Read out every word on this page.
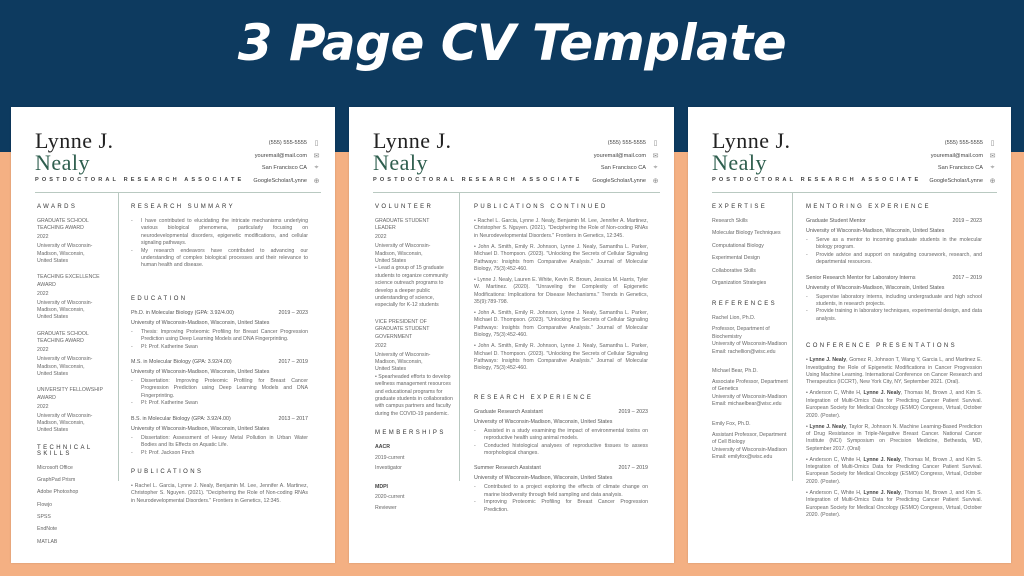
3 Page CV Template
Lynne J.
Nealy
POSTDOCTORAL RESEARCH ASSOCIATE
(555) 555-5555	▯
youremail@mail.com ✉
San Francisco CA	⌖
GoogleScholar/Lynne ⊕
AWARDS
GRADUATE SCHOOL
TEACHING AWARD
2022
University of Wisconsin-
Madison, Wisconsin,
United States
TEACHING EXCELLENCE
AWARD
2022
University of Wisconsin-
Madison, Wisconsin,
United States
GRADUATE SCHOOL
TEACHING AWARD
2022
University of Wisconsin-
Madison, Wisconsin,
United States
UNIVERSITY FELLOWSHIP
AWARD
2022
University of Wisconsin-
Madison, Wisconsin,
United States
TECHNICAL SKILLS
Microsoft Office
GraphPad Prism
Adobe Photoshop
Flowjo
SPSS
EndNote
MATLAB
RESEARCH SUMMARY
- I have contributed to elucidating the intricate mechanisms underlying various biological phenomena, particularly focusing on neurodevelopmental disorders, epigenetic modifications, and cellular signaling pathways.
- My research endeavors have contributed to advancing our understanding of complex biological processes and their relevance to human health and disease.
EDUCATION
Ph.D. in Molecular Biology (GPA: 3.92/4.00)	2019 – 2023
University of Wisconsin-Madison, Wisconsin, United States
- Thesis: Improving Proteomic Profiling for Breast Cancer Progression Prediction using Deep Learning Models and DNA Fingerprinting.
- PI: Prof. Katherine Swan
M.S. in Molecular Biology (GPA: 3.92/4.00)	2017 – 2019
University of Wisconsin-Madison, Wisconsin, United States
- Dissertation: Improving Proteomic Profiling for Breast Cancer Progression Prediction using Deep Learning Models and DNA Fingerprinting.
- PI: Prof. Katherine Swan
B.S. in Molecular Biology (GPA: 3.92/4.00)	2013 – 2017
University of Wisconsin-Madison, Wisconsin, United States
- Dissertation: Assessment of Heavy Metal Pollution in Urban Water Bodies and Its Effects on Aquatic Life.
- PI: Prof. Jackson Finch
PUBLICATIONS
• Rachel L. Garcia, Lynne J. Nealy, Benjamin M. Lee, Jennifer A. Martinez, Christopher S. Nguyen. (2021). "Deciphering the Role of Non-coding RNAs in Neurodevelopmental Disorders." Frontiers in Genetics, 12:345.
Lynne J.
Nealy
POSTDOCTORAL RESEARCH ASSOCIATE
(555) 555-5555	▯
youremail@mail.com ✉
San Francisco CA	⌖
GoogleScholar/Lynne ⊕
VOLUNTEER
GRADUATE STUDENT
LEADER
2022
University of Wisconsin-
Madison, Wisconsin,
United States
• Lead a group of 15 graduate students to organize community science outreach programs to develop a deeper public understanding of science, especially for K-12 students
VICE PRESIDENT OF
GRADUATE STUDENT
GOVERNMENT
2022
University of Wisconsin-
Madison, Wisconsin,
United States
• Spearheaded efforts to develop wellness management resources and educational programs for graduate students in collaboration with campus partners and faculty during the COVID-19 pandemic.
MEMBERSHIPS
AACR
2019-current
Investigator
MDPI
2020-current
Reviewer
PUBLICATIONS CONTINUED
• Rachel L. Garcia, Lynne J. Nealy, Benjamin M. Lee, Jennifer A. Martinez, Christopher S. Nguyen. (2021). "Deciphering the Role of Non-coding RNAs in Neurodevelopmental Disorders." Frontiers in Genetics, 12:345.
• John A. Smith, Emily R. Johnson, Lynne J. Nealy, Samantha L. Parker, Michael D. Thompson. (2023). "Unlocking the Secrets of Cellular Signaling Pathways: Insights from Comparative Analysis." Journal of Molecular Biology, 75(3):452-460.
• Lynne J. Nealy, Lauren E. White, Kevin R. Brown, Jessica M. Harris, Tyler W. Martinez. (2020). "Unraveling the Complexity of Epigenetic Modifications: Implications for Disease Mechanisms." Trends in Genetics, 35(9):789-798.
• John A. Smith, Emily R. Johnson, Lynne J. Nealy, Samantha L. Parker, Michael D. Thompson. (2023). "Unlocking the Secrets of Cellular Signaling Pathways: Insights from Comparative Analysis." Journal of Molecular Biology, 75(3):452-460.
• John A. Smith, Emily R. Johnson, Lynne J. Nealy, Samantha L. Parker, Michael D. Thompson. (2023). "Unlocking the Secrets of Cellular Signaling Pathways: Insights from Comparative Analysis." Journal of Molecular Biology, 75(3):452-460.
RESEARCH EXPERIENCE
Graduate Research Assistant	2019 – 2023
University of Wisconsin-Madison, Wisconsin, United States
- Assisted in a study examining the impact of environmental toxins on reproductive health using animal models.
- Conducted histological analyses of reproductive tissues to assess morphological changes.
Summer Research Assistant	2017 – 2019
University of Wisconsin-Madison, Wisconsin, United States
- Contributed to a project exploring the effects of climate change on marine biodiversity through field sampling and data analysis.
- Improving Proteomic Profiling for Breast Cancer Progression Prediction.
Lynne J.
Nealy
POSTDOCTORAL RESEARCH ASSOCIATE
(555) 555-5555	▯
youremail@mail.com ✉
San Francisco CA	⌖
GoogleScholar/Lynne ⊕
EXPERTISE
Research Skills
Molecular Biology Techniques
Computational Biology
Experimental Design
Collaborative Skills
Organization Strategies
REFERENCES
Rachel Lion, Ph.D.
Professor, Department of Biochemistry
University of Wisconsin-Madison
Email: rachellion@wisc.edu
Michael Bear, Ph.D.
Associate Professor, Department of Genetics
University of Wisconsin-Madison
Email: michaelbear@wisc.edu
Emily Fox, Ph.D.
Assistant Professor, Department of Cell Biology
University of Wisconsin-Madison
Email: emilyfox@wisc.edu
MENTORING EXPERIENCE
Graduate Student Mentor	2019 – 2023
University of Wisconsin-Madison, Wisconsin, United States
- Serve as a mentor to incoming graduate students in the molecular biology program.
- Provide advice and support on navigating coursework, research, and departmental resources.
Senior Research Mentor for Laboratory Interns	2017 – 2019
University of Wisconsin-Madison, Wisconsin, United States
- Supervise laboratory interns, including undergraduate and high school students, in research projects.
- Provide training in laboratory techniques, experimental design, and data analysis.
CONFERENCE PRESENTATIONS
• Lynne J. Nealy, Gomez R, Johnson T, Wang Y, Garcia L, and Martinez E. Investigating the Role of Epigenetic Modifications in Cancer Progression Using Machine Learning. International Conference on Cancer Research and Therapeutics (ICCRT), New York City, NY, September 2021. (Oral).
• Anderson C, White H, Lynne J. Nealy, Thomas M, Brown J, and Kim S. Integration of Multi-Omics Data for Predicting Cancer Patient Survival. European Society for Medical Oncology (ESMO) Congress, Virtual, October 2020. (Poster).
• Lynne J. Nealy, Taylor R, Johnson N. Machine Learning-Based Prediction of Drug Resistance in Triple-Negative Breast Cancer. National Cancer Institute (NCI) Symposium on Precision Medicine, Bethesda, MD, September 2017. (Oral)
• Anderson C, White H, Lynne J. Nealy, Thomas M, Brown J, and Kim S. Integration of Multi-Omics Data for Predicting Cancer Patient Survival. European Society for Medical Oncology (ESMO) Congress, Virtual, October 2020. (Poster).
• Anderson C, White H, Lynne J. Nealy, Thomas M, Brown J, and Kim S. Integration of Multi-Omics Data for Predicting Cancer Patient Survival. European Society for Medical Oncology (ESMO) Congress, Virtual, October 2020. (Poster).
